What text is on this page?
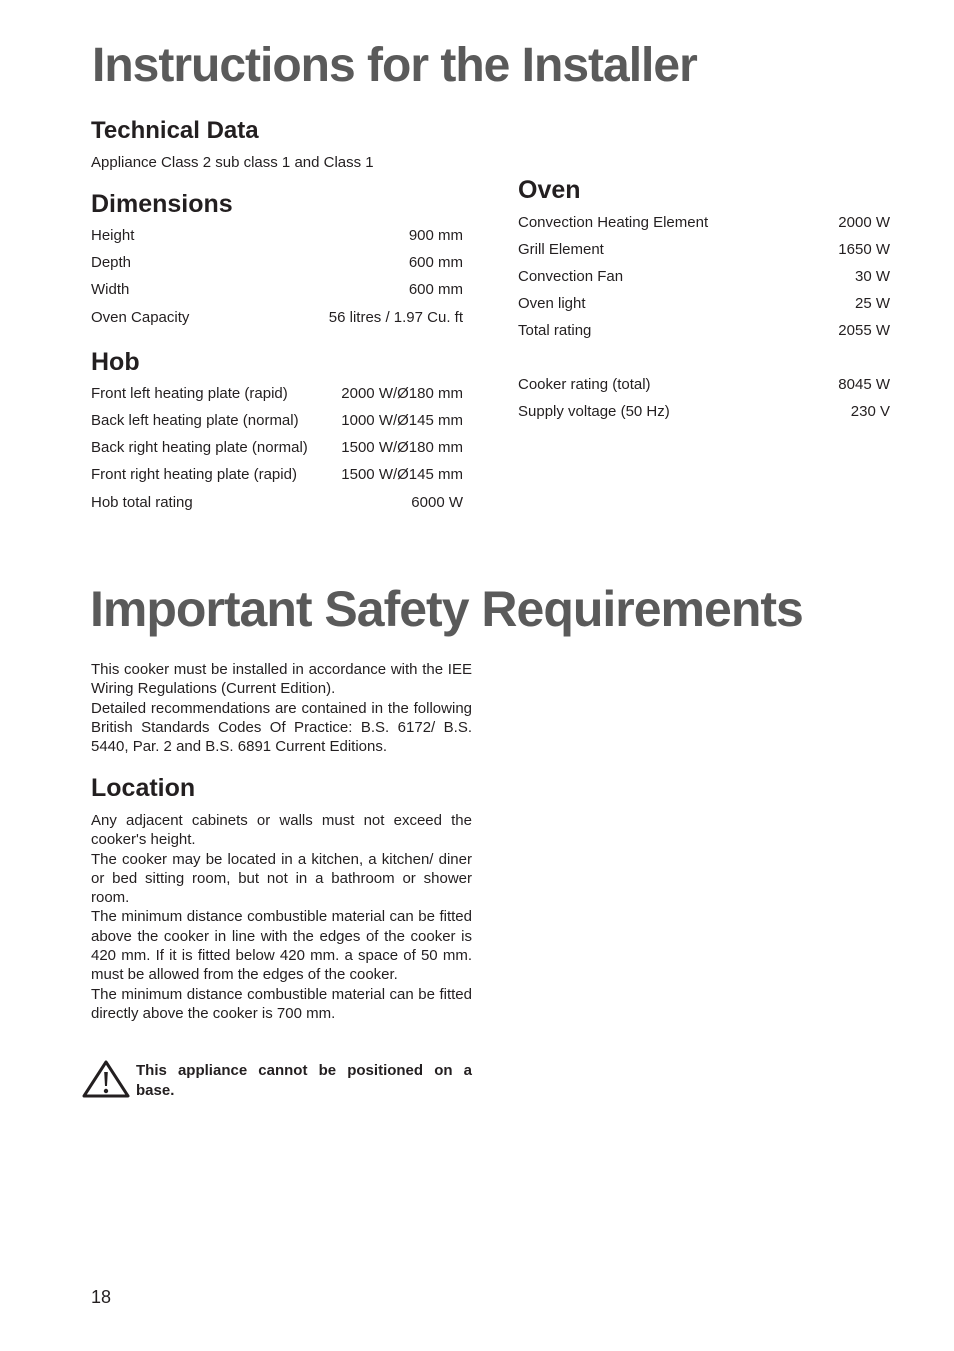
Instructions for the Installer
Technical Data
Appliance Class 2 sub class 1 and Class 1
Dimensions
Height	900 mm
Depth	600 mm
Width	600 mm
Oven Capacity	56 litres / 1.97 Cu. ft
Hob
Front left heating plate (rapid)	2000 W/Ø180 mm
Back left heating plate (normal)	1000 W/Ø145 mm
Back right heating plate (normal) 1500 W/Ø180 mm
Front right heating plate (rapid)	1500 W/Ø145 mm
Hob total rating	6000 W
Oven
Convection Heating Element	2000 W
Grill Element	1650 W
Convection Fan	30 W
Oven light	25 W
Total rating	2055 W
Cooker rating (total)	8045 W
Supply voltage (50 Hz)	230 V
Important Safety Requirements

This cooker must be installed in accordance with the IEE Wiring Regulations (Current Edition).

Detailed recommendations are contained in the following British Standards Codes Of Practice: B.S. 6172/ B.S. 5440, Par. 2 and B.S. 6891 Current Editions.

Location

Any adjacent cabinets or walls must not exceed the cooker's height.

The cooker may be located in a kitchen, a kitchen/ diner or bed sitting room, but not in a bathroom or shower room.

The minimum distance combustible material can be fitted above the cooker in line with the edges of the cooker is 420 mm. If it is fitted below 420 mm. a space of 50 mm. must be allowed from the edges of the cooker.

The minimum distance combustible material can be fitted directly above the cooker is 700 mm.

This appliance cannot be positioned on a base.
18
